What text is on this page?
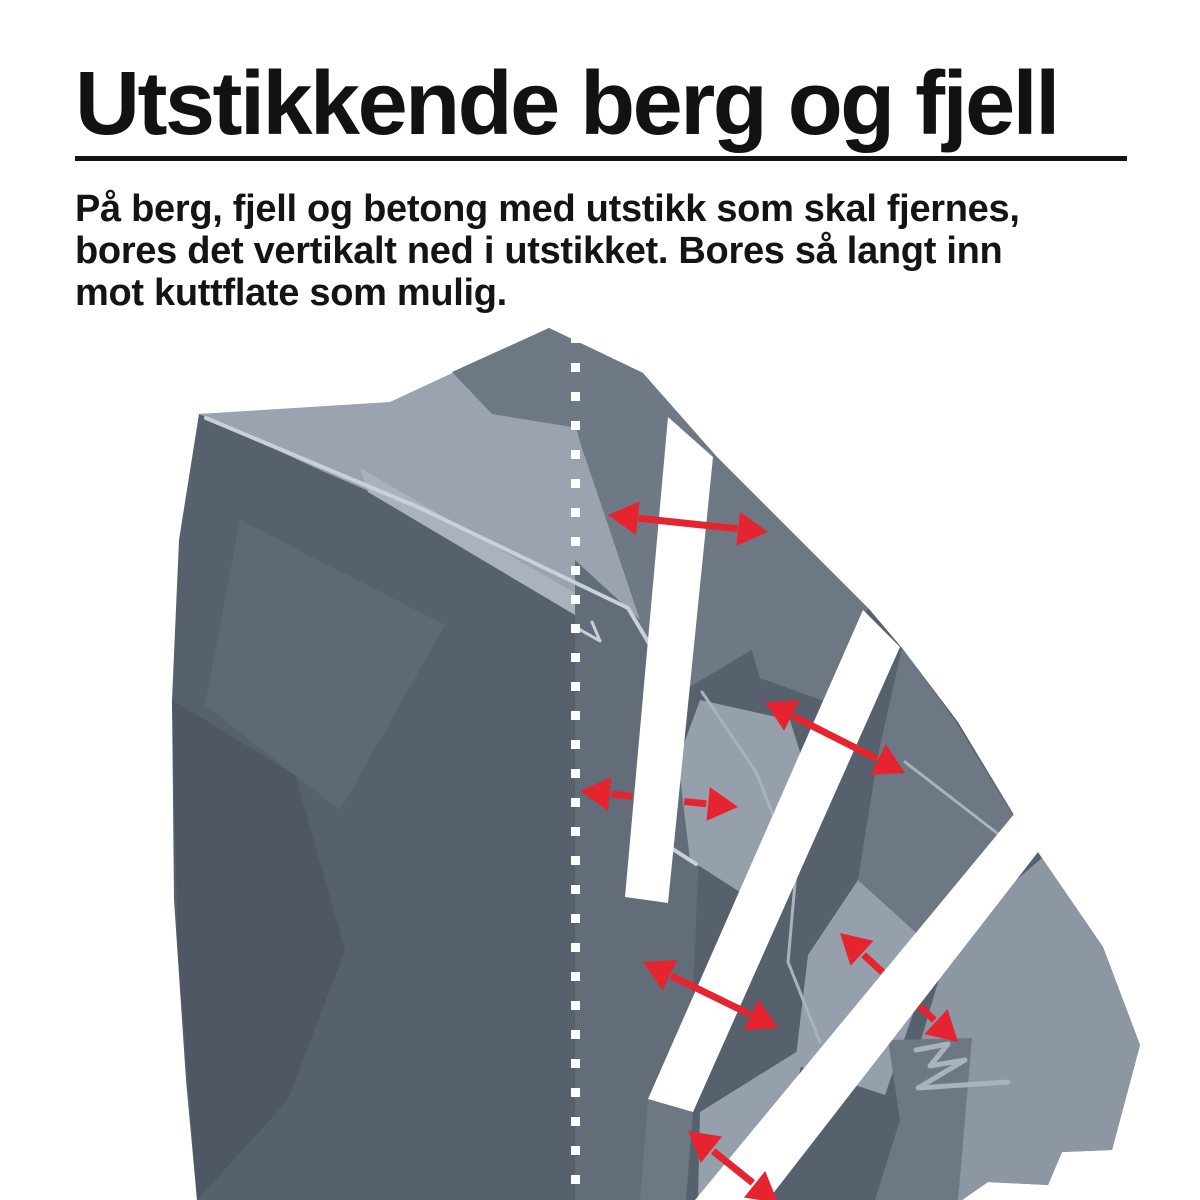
Utstikkende berg og fjell
På berg, fjell og betong med utstikk som skal fjernes,
bores det vertikalt ned i utstikket. Bores så langt inn
mot kuttflate som mulig.
